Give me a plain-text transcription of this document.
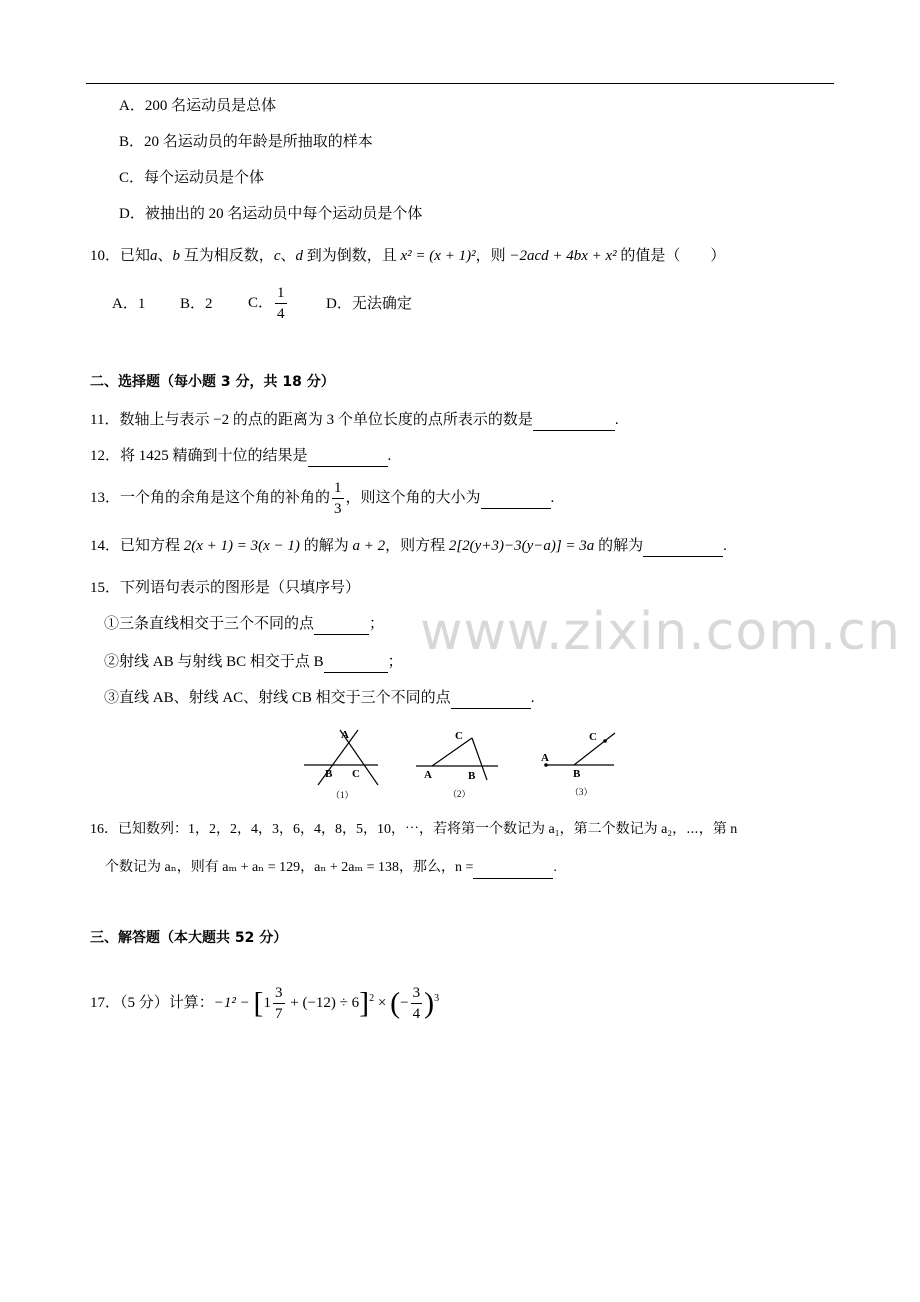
A．200 名运动员是总体
B．20 名运动员的年龄是所抽取的样本
C．每个运动员是个体
D．被抽出的 20 名运动员中每个运动员是个体
10．已知a、b 互为相反数，c、d 到为倒数，且 x² = (x + 1)²，则 −2acd + 4bx + x² 的值是（　　）
A．1 B．2 C． $\frac{1}{4}$	D．无法确定
二、选择题（每小题 3 分，共 18 分）
11．数轴上与表示 −2 的点的距离为 3 个单位长度的点所表示的数是	.
12．将 1425 精确到十位的结果是	.
13．一个角的余角是这个角的补角的 $\frac{1}{3}$ ，则这个角的大小为	.
14．已知方程 2(x + 1) = 3(x − 1) 的解为 a + 2，则方程 2[2(y+3)−3(y−a)] = 3a 的解为	.
15．下列语句表示的图形是（只填序号）
①三条直线相交于三个不同的点	；
②射线 AB 与射线 BC 相交于点 B	；
③直线 AB、射线 AC、射线 CB 相交于三个不同的点	.
www.zixin.com.cn
A
B C
（1）
C
A	B
（2）
A
C
B
（3）
16．已知数列：1，2，2，4，3，6，4，8，5，10，⋯，若将第一个数记为 a₁，第二个数记为 a₂，⋯，第 n
个数记为 aₙ，则有 aₘ + aₙ = 129，aₙ + 2aₘ = 138，那么，n =	.
三、解答题（本大题共 52 分）
17．（5 分）计算：$-1^2 - [1 \frac{3}{7} + (-12) \div 6]^2$ × (− $\frac{3}{4} )^3$
